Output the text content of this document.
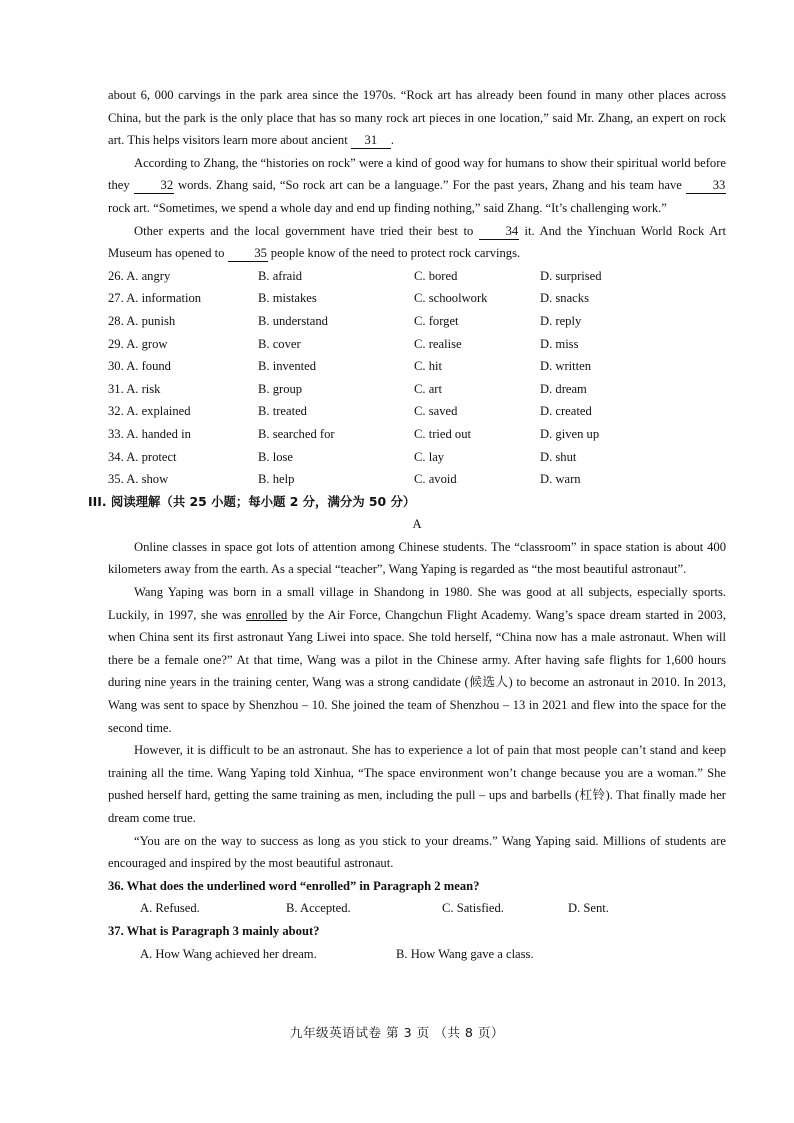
about 6, 000 carvings in the park area since the 1970s. “Rock art has already been found in many other places across China, but the park is the only place that has so many rock art pieces in one location,” said Mr. Zhang, an expert on rock art. This helps visitors learn more about ancient 31 .

According to Zhang, the “histories on rock” were a kind of good way for humans to show their spiritual world before they 32 words. Zhang said, “So rock art can be a language.” For the past years, Zhang and his team have 33 rock art. “Sometimes, we spend a whole day and end up finding nothing,” said Zhang. “It’s challenging work.”

Other experts and the local government have tried their best to	34 it. And the Yinchuan World Rock Art Museum has opened to 35 people know of the need to protect rock carvings.

26. A. angry	B. afraid	C. bored	D. surprised
27. A. information	B. mistakes	C. schoolwork	D. snacks
28. A. punish	B. understand	C. forget	D. reply
29. A. grow	B. cover	C. realise	D. miss
30. A. found	B. invented	C. hit	D. written
31. A. risk	B. group	C. art	D. dream
32. A. explained	B. treated	C. saved	D. created
33. A. handed in	B. searched for	C. tried out	D. given up
34. A. protect	B. lose	C. lay	D. shut
35. A. show	B. help	C. avoid	D. warn

III. 阅读理解（共 25 小题；每小题 2 分，满分为 50 分）

A

Online classes in space got lots of attention among Chinese students. The “classroom” in space station is about 400 kilometers away from the earth. As a special “teacher”, Wang Yaping is regarded as “the most beautiful astronaut”.

Wang Yaping was born in a small village in Shandong in 1980. She was good at all subjects, especially sports. Luckily, in 1997, she was enrolled by the Air Force, Changchun Flight Academy. Wang’s space dream started in 2003, when China sent its first astronaut Yang Liwei into space. She told herself, “China now has a male astronaut. When will there be a female one?” At that time, Wang was a pilot in the Chinese army. After having safe flights for 1,600 hours during nine years in the training center, Wang was a strong candidate (候选人) to become an astronaut in 2010. In 2013, Wang was sent to space by Shenzhou – 10. She joined the team of Shenzhou – 13 in 2021 and flew into the space for the second time.

However, it is difficult to be an astronaut. She has to experience a lot of pain that most people can’t stand and keep training all the time. Wang Yaping told Xinhua, “The space environment won’t change because you are a woman.” She pushed herself hard, getting the same training as men, including the pull – ups and barbells (杠铃). That finally made her dream come true.

“You are on the way to success as long as you stick to your dreams.” Wang Yaping said. Millions of students are encouraged and inspired by the most beautiful astronaut.

36. What does the underlined word “enrolled” in Paragraph 2 mean?

A. Refused.	B. Accepted.	C. Satisfied.	D. Sent.

37. What is Paragraph 3 mainly about?

A. How Wang achieved her dream.	B. How Wang gave a class.

九年级英语试卷 第 3 页 （共 8 页）
